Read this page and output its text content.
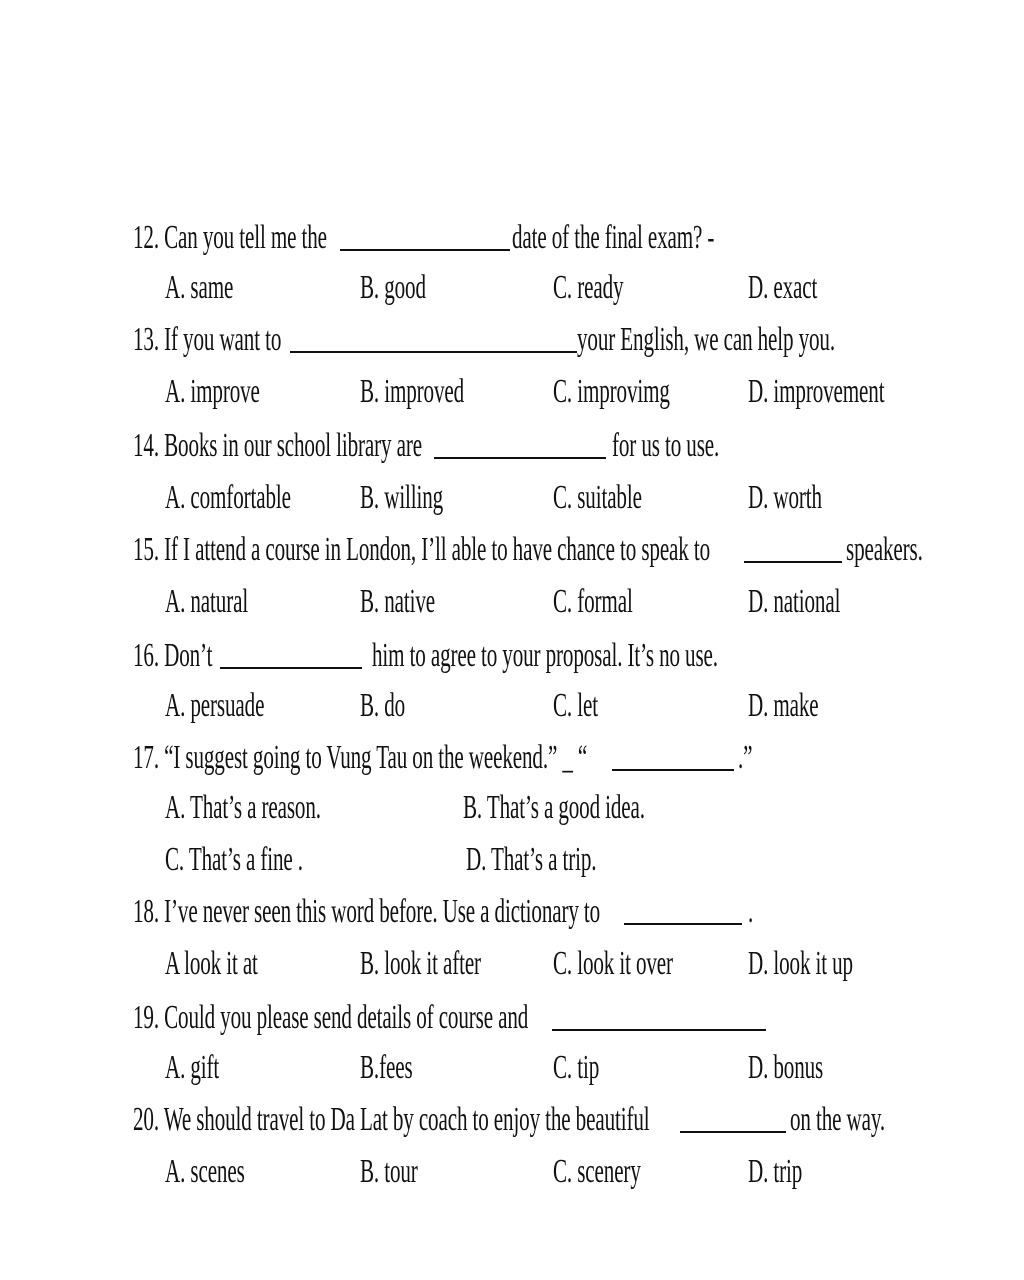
12. Can you tell me the	date of the final exam? -
A. same	B. good	C. ready	D. exact
13. If you want to	your English, we can help you.
A. improve	B. improved	C. improvimg D. improvement
14. Books in our school library are	for us to use.
A. comfortable B. willing	C. suitable	D. worth
15. If I attend a course in London, I’ll able to have chance to speak to	speakers.
A. natural	B. native	C. formal	D. national
16. Don’t	him to agree to your proposal. It’s no use.
A. persuade	B. do	C. let	D. make
17. “I suggest going to Vung Tau on the weekend.” _ “	.”
A. That’s a reason.	B. That’s a good idea.
C. That’s a fine .	D. That’s a trip.
18. I’ve never seen this word before. Use a dictionary to	.
A look it at	B. look it after C. look it over D. look it up
19. Could you please send details of course and
A. gift	B.fees	C. tip	D. bonus
20. We should travel to Da Lat by coach to enjoy the beautiful	on the way.
A. scenes	B. tour	C. scenery	D. trip
